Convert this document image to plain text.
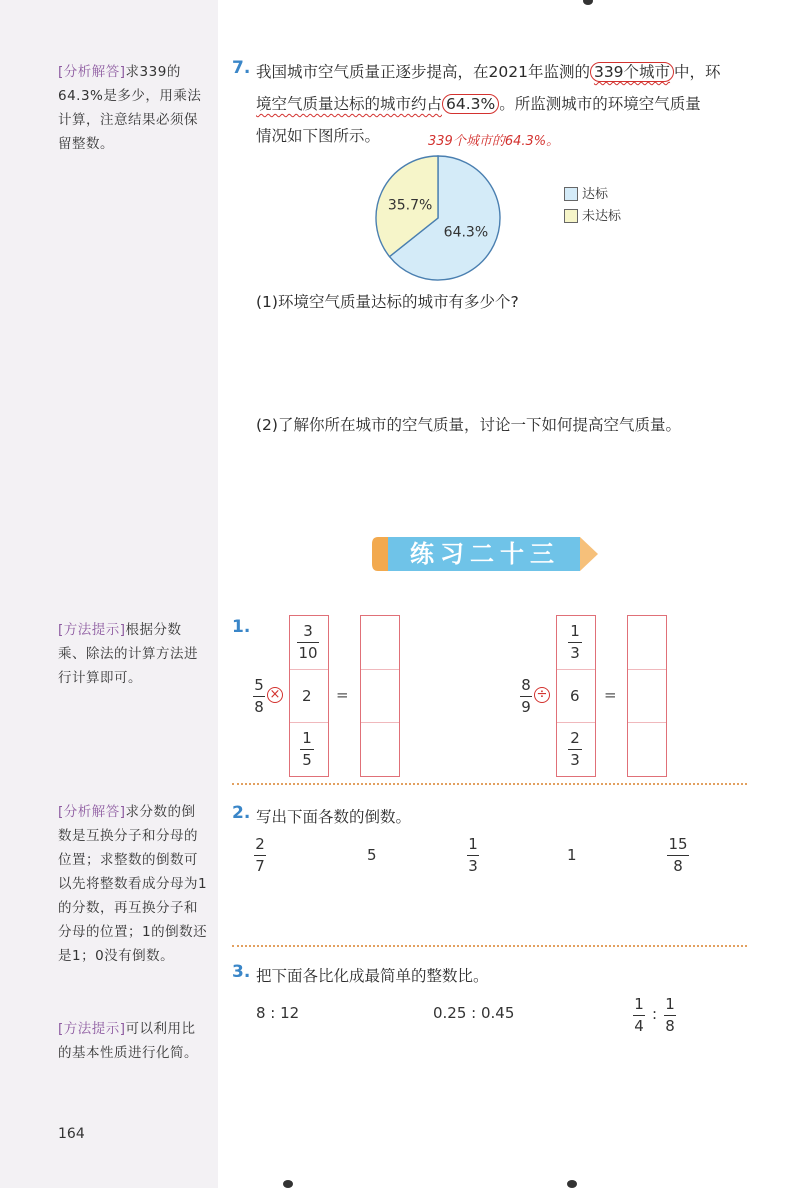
[分析解答]求339的64.3%是多少，用乘法计算，注意结果必须保留整数。
[方法提示]根据分数乘、除法的计算方法进行计算即可。
[分析解答]求分数的倒数是互换分子和分母的位置；求整数的倒数可以先将整数看成分母为1的分数，再互换分子和分母的位置；1的倒数还是1；0没有倒数。
[方法提示]可以利用比的基本性质进行化简。
164
7. 我国城市空气质量正逐步提高，在2021年监测的 339个城市 中，环
境空气质量达标的城市约占 64.3% 。所监测城市的环境空气质量
情况如下图所示。	339个城市的64.3%。
64.3%
35.7%
达标
未达标
(1)环境空气质量达标的城市有多少个?
(2)了解你所在城市的空气质量，讨论一下如何提高空气质量。
练习二十三
1.
5
8
×
3
10
2
1
5
=
8
9
÷
1
3
6
2
3
=
2. 写出下面各数的倒数。
2
7
5
1
3
1
15
8
3. 把下面各比化成最简单的整数比。
8 : 12	0.25 : 0.45	1
4
:
1
8
